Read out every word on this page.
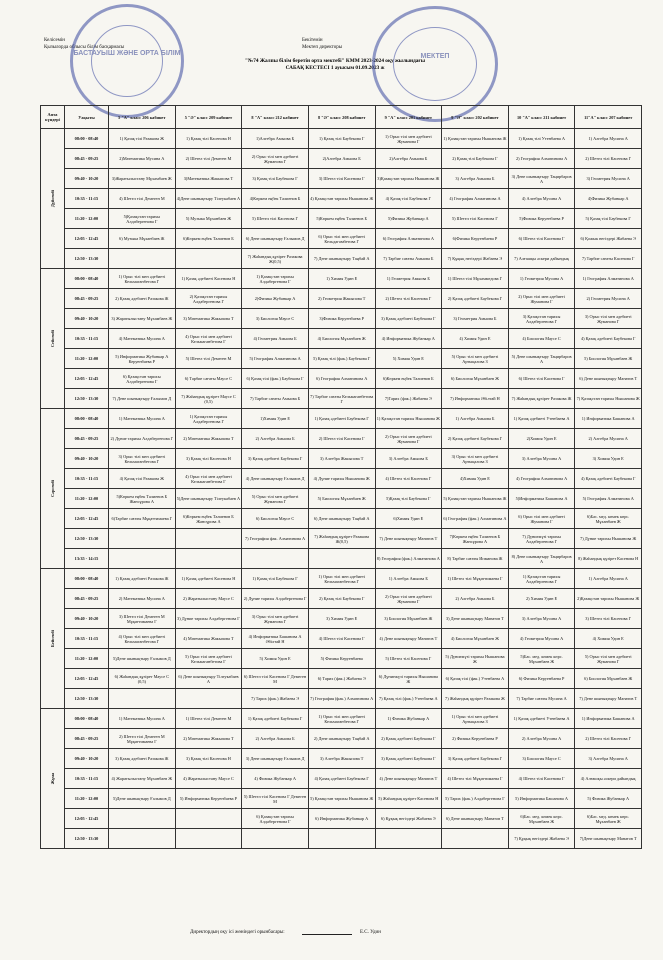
Келісемін
Қызылорда облысы білім басқармасы
Бекітемін
Мектеп директоры
"№74 Жалпы білім беретін орта мектебі" КММ 2023-2024 оқу жылындағы
САБАҚ КЕСТЕСІ 1 ауысым 01.09.2023 ж
БАСТАУЫШ ЖӘНЕ ОРТА БІЛІМ	МЕКТЕП
Апта күндері	Уақыты	5 "А" класс 206 кабинет	5 "Ә" класс 209 кабинет	8 "А" класс 212 кабинет	8 "Ә" класс 208 кабинет	9 "А" класс 201 кабинет	9 "Ә" класс 202 кабинет	10 "А" класс 211 кабинет	11"А" класс 207 кабинет

Дүйсенбі	08:00 - 08:40	1) Қазақ тілі Разакова Ж	1) Қазақ тілі Касенова Н	1)Алгебра Амыова Б	1) Қазақ тілі Баубекова Г	1) Орыс тілі мен әдебиеті Жуманова Г	1) Қазақстан тарихы Нышанова Ж	1) Қазақ тілі Утенбаева А	1) Алгебра Мусина А
	08:45 - 09:25	2)Математика Мусина А	2) Шетел тілі Демеген М	2) Орыс тілі мен әдебиеті Жуманова Г	2)Алгебра Амыова Б	2)Алгебра Амыова Б	2) Қазақ тілі Баубекова Г	2) География Алматинова А	2) Шетел тілі Касенова Г
	09:40 - 10:20	3)Жаратылыстану Мұхамбаев Ж	3)Математика Жакыпова Т	3) Қазақ тілі Баубекова Г	3) Шетел тілі Касенова Г	3)Қазақстан тарихы Нышанова Ж	3) Алгебра Амыова Б	3) Дене шынықтыру Таңирбаров А	3) Геометрия Мусина А
	10:35 - 11:15	4) Шетел тілі Демеген М	4)Дене шынықтыру Тілеукабаев А	4)Көркем еңбек Талиенов Б	4) Қазақстан тарихы Нышанова Ж	4) Қазақ тілі Баубекова Г	4) География Алматинова А	4) Алгебра Мусина А	4)Физика Жубанкар А
	11:20 - 12:00	5)Қазақстан тарихы Алдабергенова Г	5) Музыка Мұханбаев Ж	5) Шетел тілі Касенова Г	5)Көркем еңбек Талиенов Б	5)Физика Жубанкар А	5) Шетел тілі Касенова Г	5)Физика Керуенбаева Р	5) Қазақ тілі Баубекова Г
	12:05 - 12:45	6) Музыка Мұханбаев Ж	6)Көркем еңбек Талиенов Б	6) Дене шынықтыру Ғалымов Д	6) Орыс тілі мен әдебиеті Кельдагамбетова Г	6) География Алматинова А	6)Физика Керуенбаева Р	6) Шетел тілі Касенова Г	6) Қожык негіздері Жабаева Э
	12:50 - 13:30			7) Жаһандық құзірет Разакова Ж(0,5)	7) Дене шынықтыру Таңбай А	7) Тарбие сағаты Амыова Б	7) Құқық негіздері Жабаева Э	7) Алғашқы әскери дайындық	7) Тарбие сағаты Касенова Г

Сейсенбі	08:00 - 08:40	1) Орыс тілі мен әдебиеті Кельмаганбетова Г	1) Қазақ әдебиеті Касенова Н	1) Қазақстан тарихы Алдабергенова Г	1) Химия Удин Е	1) Геометрия Амыова Б	1) Шетел тілі Мұхаммедова Г	1) Геометрия Мусина А	1) География Алматинова А
	08:45 - 09:25	2) Қазақ әдебиеті Разакова Ж	2) Қазақстан тарихы Алдабергенова Г	2)Физика Жубанкар А	2) Геометрия Жакыпова Т	2) Шетел тілі Касенова Г	2) Қазақ әдебиеті Баубекова Г	2) Орыс тілі мен әдебиеті Жуманова Г	2) Геометрия Мусина А
	09:40 - 10:20	3) Жаратылыстану Мұхамбаев Ж	3) Математика Жакыпова Т	3) Биология Маусе С	3)Физика Керуенбаева Р	3) Қазақ әдебиеті Баубекова Г	3) Геометрия Амыова Б	3) Қазақстан тарихы Алдабергенова Г	3) Орыс тілі мен әдебиеті Жуманова Г
	10:35 - 11:15	4) Математика Мусина А	4) Орыс тілі мен әдебиеті Кельмаганбетова Г	4) Геометрия Амыова Б	4) Биология Мұханбаев Ж	4) Информатика Жубанкар А	4) Химия Удин Е	4) Биология Маусе С	4) Қазақ әдебиеті Баубекова Г
	11:20 - 12:00	5) Информатика Жубанкар А Керуенбаева Р	5) Шетел тілі Демеген М	5) География Алматинова А	5) Қазақ тілі (фак.) Баубекова Г	5) Химия Удин Е	5) Орыс тілі мен әдебиеті Артықалова З	5) Дене шынықтыру Таңирбаров А	5) Биология Мұханбаев Ж
	12:05 - 12:45	6) Қазақстан тарихы Алдабергенова Г	6) Тарбие сағаты Маусе С	6) Қазақ тілі (фак.) Баубекова Г	6) География Алматинова А	6)Көркем еңбек Талиенов Б	6) Биология Мұханбаев Ж	6) Шетел тілі Касенова Г	6) Дене шынықтыру Манатов Т
	12:50 - 13:30	7) Дене шынықтыру Ғалымов Д	7) Жаһандық құзірет Маусе С (0,5)	7) Тарбие сағаты Амыова Б	7) Тарбие сағаты Кельмаганбетова Г	7)Тарих (фак.) Жабаева Э	7) Информатика Әбілтай Н	7) Жаһандық құзірет Разакова Ж	7) Қазақстан тарихы Нышанова Ж

Сәрсенбі	08:00 - 08:40	1) Математика Мусина А	1) Қазақстан тарихы Алдабергенова Г	1)Химия Удин Е	1) Қазақ әдебиеті Баубекова Г	1) Қазақстан тарихы Нышанова Ж	1) Алгебра Амыова Б	1) Қазақ әдебиеті Утенбаева А	1) Информатика Башанова А
	08:45 - 09:25	2) Дүние тарихы Алдабергенова Г	2) Математика Жакыпова Т	2) Алгебра Амыова Б	2) Шетел тілі Касенова Г	2) Орыс тілі мен әдебиеті Жуманова Г	2) Қазақ әдебиеті Баубекова Г	2)Химия Удин Е	2) Алгебра Мусина А
	09:40 - 10:20	3) Орыс тілі мен әдебиеті Кельмаганбетова Г	3) Қазақ тілі Касенова Н	3) Қазақ әдебиеті Баубекова Г	3) Алгебра Жакыпова Т	3) Алгебра Амыова Б	3) Орыс тілі мен әдебиеті Артықалова З	3) Алгебра Мусина А	3) Химия Удин Е
	10:35 - 11:15	4) Қазақ тілі Разакова Ж	4) Орыс тілі мен әдебиеті Кельмаганбетова Г	4) Дене шынықтыру Ғалымов Д	4) Дүние тарихы Нышанова Ж	4) Шетел тілі Касенова Г	4)Химия Удин Е	4) География Алматинова А	4) Қазақ әдебиеті Баубекова Г
	11:20 - 12:00	5)Көркем еңбек Талиенов Б Жансұрова А	5)Дене шынықтыру Тілеукабаев А	5) Орыс тілі мен әдебиеті Жуманова Г	5) Биология Мұханбаев Ж	5)Қазақ тілі Баубекова Г	5) Қазақстан тарихы Нышанова Ж	5)Информатика Башанова А	5) География Алматинова А
	12:05 - 12:45	6)Тарбие сағаты Мұқаттимаева Г	6)Көркем еңбек Талиенов Б Жансұрова А	6) Биология Маусе С	6) Дене шынықтыру Таңбай А	6)Химия Удин Е	6) География (фак.) Алматинова А	6) Орыс тілі мен әдебиеті Жуманова Г	6)Бас. мед. көмек көрс. Мұханбаев Ж
	12:50 - 13:30			7) География фак. Алматинова А	7) Жаһандық құзірет Разакова Ж(0,5)	7) Дене шынықтыру Манатов Т	7)Көркем еңбек Талиенов Б Жансұрова А	7) Дүниежүзі тарихы Алдабергенова Г	7) Дүние тарихы Нышанова Ж
	13:35 - 14:15					8) География (фак.) Алматинова А	8) Тарбие сағаты Ипманова Ж	8) Дене шынықтыру Таңирбаров А	8) Жаһандық құзірет Касенова Н

Бейсенбі	08:00 - 08:40	1) Қазақ әдебиеті Разакова Ж	1) Қазақ әдебиеті Касенова Н	1) Қазақ тілі Баубекова Г	1) Орыс тілі мен әдебиеті Кельмаганбетова Г	1) Алгебра Амыова Б	1) Шетел тілі Мұқаттимаева Г	1) Қазақстан тарихы Алдабергенова Г	1) Алгебра Мусина А
	08:45 - 09:25	2) Математика Мусина А	2) Жаратылыстану Маусе С	2) Дүние тарихы Алдабергенова Г	2) Қазақ тілі Баубекова Г	2) Орыс тілі мен әдебиеті Жуманова Г	2) Алгебра Амыова Б	2) Химия Удин Е	2)Қазақстан тарихы Нышанова Ж
	09:40 - 10:20	3) Шетел тілі Демеген М Мұқаттимаева Г	3) Дүние тарихы Алдабергенова Г	3) Орыс тілі мен әдебиеті Жуманова Г	3) Химия Удин Е	3) Биология Мұханбаев Ж	3) Дене шынықтыру Манатов Т	3) Алгебра Мусина А	3) Шетел тілі Касенова Г
	10:35 - 11:15	4) Орыс тілі мен әдебиеті Кельмаганбетова Г	4) Математика Жакыпова Т	4) Информатика Башанова А Әбілтай Н	4) Шетел тілі Касенова Г	4) Дене шынықтыру Манатов Т	4) Биология Мұханбаев Ж	4) Геометрия Мусина А	4) Химия Удин Е
	11:20 - 12:00	5)Дене шынықтыру Ғалымов Д	5) Орыс тілі мен әдебиеті Кельмаганбетова Г	5) Химия Удин Е	5) Физика Керуенбаева	5) Шетел тілі Касенова Г	5) Дүниежүзі тарихы Нышанова Ж	5)Бас. мед. көмек көрс. Мұханбаев Ж	5) Орыс тілі мен әдебиеті Жуманова Г
	12:05 - 12:45	6) Жаһандық құзірет Маусе С (0,5)	6) Дене шынықтыру Тілеукабаев А	6) Шетел тілі Касенова Г Демеген М	6) Тарих (фак.) Жабаева Э	6) Дүниежүзі тарихы Нышанова Ж	6) Қазақ тілі (фак.) Утенбаева А	6) Физика Керуенбаева Р	6) Биология Мұханбаев Ж
	12:50 - 13:30			7) Тарих (фак.) Жабаева Э	7) География (фак.) Алматинова А	7) Қазақ тілі (фак.) Утенбаева А	7) Жаһандық құзірет Разакова Ж	7) Тарбие сағаты Мусина А	7) Дене шынықтыру Манатов Т

Жұма	08:00 - 08:40	1) Математика Мусина А	1) Шетел тілі Демеген М	1) Қазақ әдебиеті Баубекова Г	1) Орыс тілі мен әдебиеті Кельмаганбетова Г	1) Физика Жубанкар А	1) Орыс тілі мен әдебиеті Артықалова З	1) Қазақ әдебиеті Утенбаева А	1) Информатика Башанова А
	08:45 - 09:25	2) Шетел тілі Демеген М Мұқаттимаева Г	2) Математика Жакыпова Т	2) Алгебра Амыова Б	2) Дене шынықтыру Таңбай А	2) Қазақ әдебиеті Баубекова Г	2) Физика Керуенбаева Р	2) Алгебра Мусина А	2) Шетел тілі Касенова Г
	09:40 - 10:20	3) Қазақ әдебиеті Разакова Ж	3) Қазақ тілі Касенова Н	3) Дене шынықтыру Ғалымов Д	3) Алгебра Жакыпова Т	3) Қазақ әдебиеті Баубекова Г	3) Қазақ әдебиеті Баубекова Г	3) Биология Маусе С	3) Алгебра Мусина А
	10:35 - 11:15	4) Жаратылыстану Мұханбаев Ж	4) Жаратылыстану Маусе С	4) Физика Жубанкар А	4) Қазақ әдебиеті Баубекова Г	4) Дене шынықтыру Манатов Т	4) Шетел тілі Мұқаттимаева Г	4) Шетел тілі Касенова Г	4) Алғашқы әскери дайындық
	11:20 - 12:00	5)Дене шынықтыру Ғалымов Д	5) Информатика Керуенбаева Р	5) Шетел тілі Касенова Г Демеген М	5) Қазақстан тарихы Нышанова Ж	5) Жаһандық құзірет Касенова Н	5) Тарих (фак.) Алдабергенова Г	5) Информатика Башанова А	5) Физика Жубанкар А
	12:05 - 12:45			6) Қазақстан тарихы Алдабергенова Г	6) Информатика Жубанкар А	6) Құқық негіздері Жабаева Э	6) Дене шынықтыру Манатов Т	6)Бас. мед. көмек көрс. Мұханбаев Ж	6)Бас. мед. көмек көрс. Мұханбаев Ж
	12:50 - 13:30							7) Құқық негіздері Жабаева Э	7)Дене шынықтыру Манатов Т
Директордың оқу ісі жөніндегі орынбасары:	Е.С. Удин
